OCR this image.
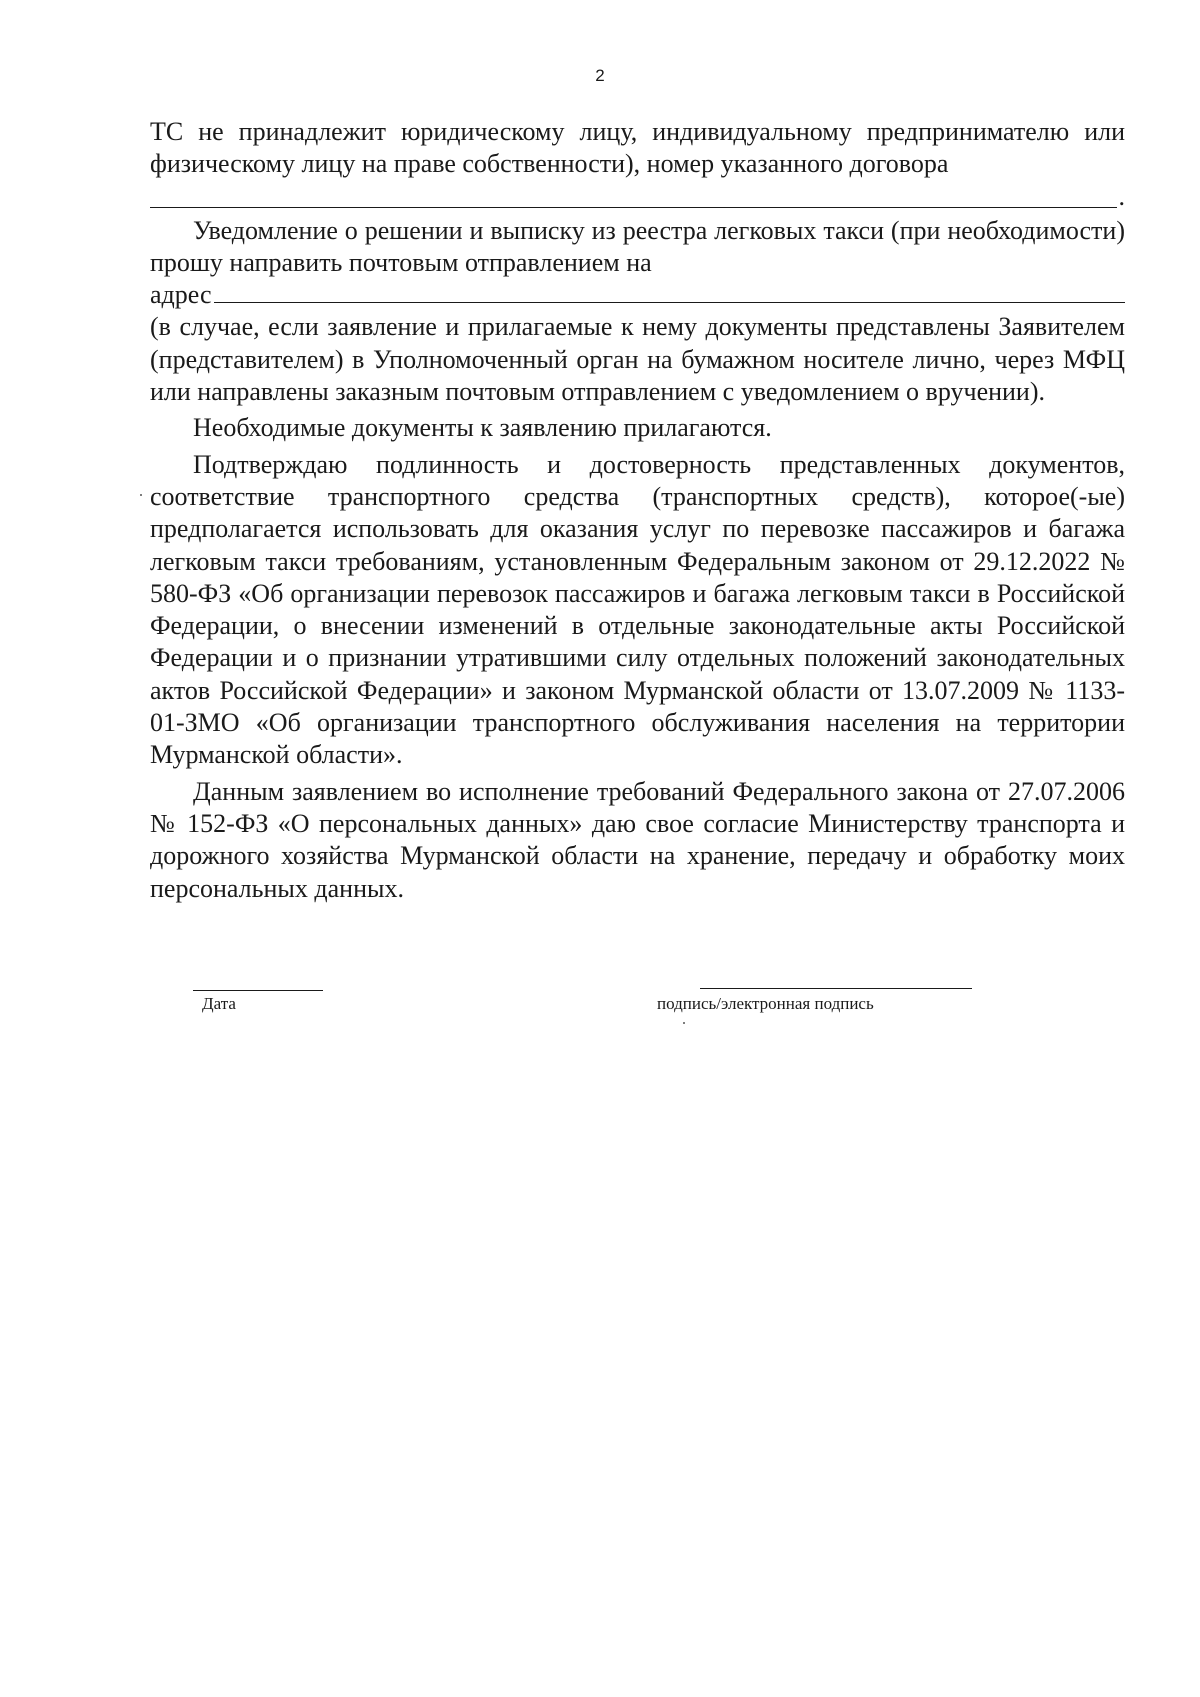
2

ТС не принадлежит юридическому лицу, индивидуальному предпринимателю или физическому лицу на праве собственности), номер указанного договора

.

Уведомление о решении и выписку из реестра легковых такси (при необходимости) прошу направить почтовым отправлением на

адрес

(в случае, если заявление и прилагаемые к нему документы представлены Заявителем (представителем) в Уполномоченный орган на бумажном носителе лично, через МФЦ или направлены заказным почтовым отправлением с уведомлением о вручении).

Необходимые документы к заявлению прилагаются.

Подтверждаю подлинность и достоверность представленных документов, соответствие транспортного средства (транспортных средств), которое(-ые) предполагается использовать для оказания услуг по перевозке пассажиров и багажа легковым такси требованиям, установленным Федеральным законом от 29.12.2022 № 580-ФЗ «Об организации перевозок пассажиров и багажа легковым такси в Российской Федерации, о внесении изменений в отдельные законодательные акты Российской Федерации и о признании утратившими силу отдельных положений законодательных актов Российской Федерации» и законом Мурманской области от 13.07.2009 № 1133-01-ЗМО «Об организации транспортного обслуживания населения на территории Мурманской области».

Данным заявлением во исполнение требований Федерального закона от 27.07.2006 № 152-ФЗ «О персональных данных» даю свое согласие Министерству транспорта и дорожного хозяйства Мурманской области на хранение, передачу и обработку моих персональных данных.

Дата	подпись/электронная подпись
